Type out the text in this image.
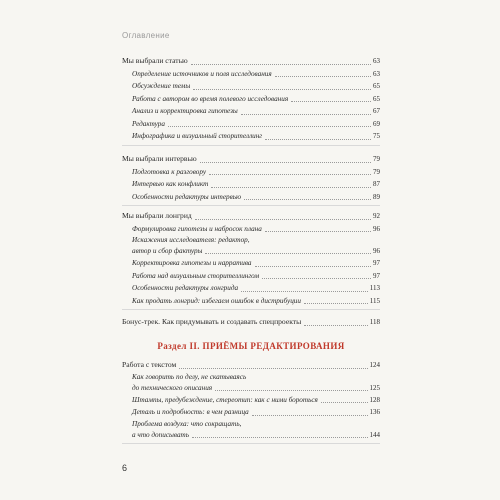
Оглавление
Мы выбрали статью	63
Определение источников и поля исследования	63
Обсуждение темы	65
Работа с автором во время полевого исследования	65
Анализ и корректировка гипотезы	67
Редактура	69
Инфографика и визуальный сторителлинг	75
Мы выбрали интервью	79
Подготовка к разговору	79
Интервью как конфликт	87
Особенности редактуры интервью	89
Мы выбрали лонгрид	92
Формулировка гипотезы и набросок плана	96
Искажения исследователя: редактор,
автор и сбор фактуры	96
Корректировка гипотезы и нарратива	97
Работа над визуальным сторителлингом	97
Особенности редактуры лонгрида	113
Как продать лонгрид: избегаем ошибок в дистрибуции	115
Бонус-трек. Как придумывать и создавать спецпроекты	118
Раздел II. ПРИЁМЫ РЕДАКТИРОВАНИЯ
Работа с текстом	124
Как говорить по делу, не скатываясь
до технического описания	125
Штампы, предубеждение, стереотип: как с ними бороться	128
Деталь и подробность: в чем разница	136
Проблема воздуха: что сокращать,
а что дописывать	144
6
